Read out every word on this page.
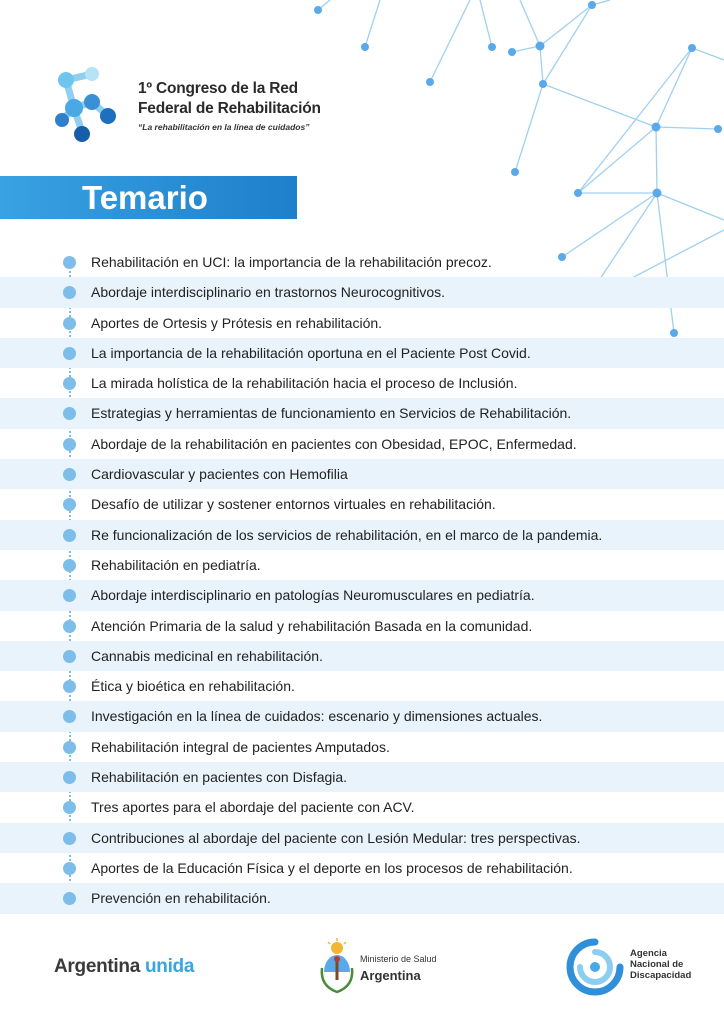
1º Congreso de la Red
Federal de Rehabilitación
“La rehabilitación en la línea de cuidados”
Temario
Rehabilitación en UCI: la importancia de la rehabilitación precoz.
Abordaje interdisciplinario en trastornos Neurocognitivos.
Aportes de Ortesis y Prótesis en rehabilitación.
La importancia de la rehabilitación oportuna en el Paciente Post Covid.
La mirada holística de la rehabilitación hacia el proceso de Inclusión.
Estrategias y herramientas de funcionamiento en Servicios de Rehabilitación.
Abordaje de la rehabilitación en pacientes con Obesidad, EPOC, Enfermedad.
Cardiovascular y pacientes con Hemofilia
Desafío de utilizar y sostener entornos virtuales en rehabilitación.
Re funcionalización de los servicios de rehabilitación, en el marco de la pandemia.
Rehabilitación en pediatría.
Abordaje interdisciplinario en patologías Neuromusculares en pediatría.
Atención Primaria de la salud y rehabilitación Basada en la comunidad.
Cannabis medicinal en rehabilitación.
Ética y bioética en rehabilitación.
Investigación en la línea de cuidados: escenario y dimensiones actuales.
Rehabilitación integral de pacientes Amputados.
Rehabilitación en pacientes con Disfagia.
Tres aportes para el abordaje del paciente con ACV.
Contribuciones al abordaje del paciente con Lesión Medular: tres perspectivas.
Aportes de la Educación Física y el deporte en los procesos de rehabilitación.
Prevención en rehabilitación.
Argentina unida	Ministerio de Salud
Argentina
Agencia
Nacional de
Discapacidad
